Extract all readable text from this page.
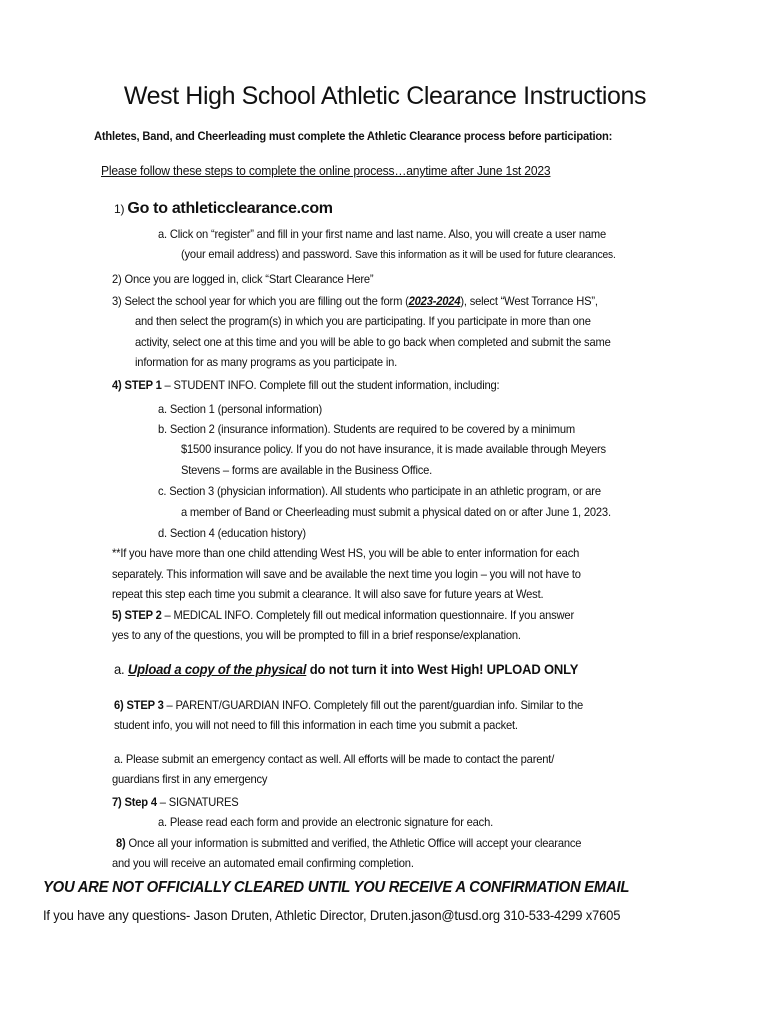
West High School Athletic Clearance Instructions
Athletes, Band, and Cheerleading must complete the Athletic Clearance process before participation:
Please follow these steps to complete the online process…anytime after June 1st 2023
1) Go to athleticclearance.com
a. Click on “register” and fill in your first name and last name. Also, you will create a user name
(your email address) and password. Save this information as it will be used for future clearances.
2) Once you are logged in, click “Start Clearance Here”
3) Select the school year for which you are filling out the form (2023-2024), select “West Torrance HS”,
and then select the program(s) in which you are participating. If you participate in more than one
activity, select one at this time and you will be able to go back when completed and submit the same
information for as many programs as you participate in.
4) STEP 1 – STUDENT INFO. Complete fill out the student information, including:
a. Section 1 (personal information)
b. Section 2 (insurance information). Students are required to be covered by a minimum
$1500 insurance policy. If you do not have insurance, it is made available through Meyers
Stevens – forms are available in the Business Office.
c. Section 3 (physician information). All students who participate in an athletic program, or are
a member of Band or Cheerleading must submit a physical dated on or after June 1, 2023.
d. Section 4 (education history)
**If you have more than one child attending West HS, you will be able to enter information for each
separately. This information will save and be available the next time you login – you will not have to
repeat this step each time you submit a clearance. It will also save for future years at West.
5) STEP 2 – MEDICAL INFO. Completely fill out medical information questionnaire. If you answer
yes to any of the questions, you will be prompted to fill in a brief response/explanation.
a. Upload a copy of the physical do not turn it into West High! UPLOAD ONLY
6) STEP 3 – PARENT/GUARDIAN INFO. Completely fill out the parent/guardian info. Similar to the
student info, you will not need to fill this information in each time you submit a packet.
a. Please submit an emergency contact as well. All efforts will be made to contact the parent/
guardians first in any emergency
7) Step 4 – SIGNATURES
a. Please read each form and provide an electronic signature for each.
8) Once all your information is submitted and verified, the Athletic Office will accept your clearance
and you will receive an automated email confirming completion.
YOU ARE NOT OFFICIALLY CLEARED UNTIL YOU RECEIVE A CONFIRMATION EMAIL
If you have any questions- Jason Druten, Athletic Director, Druten.jason@tusd.org 310-533-4299 x7605
